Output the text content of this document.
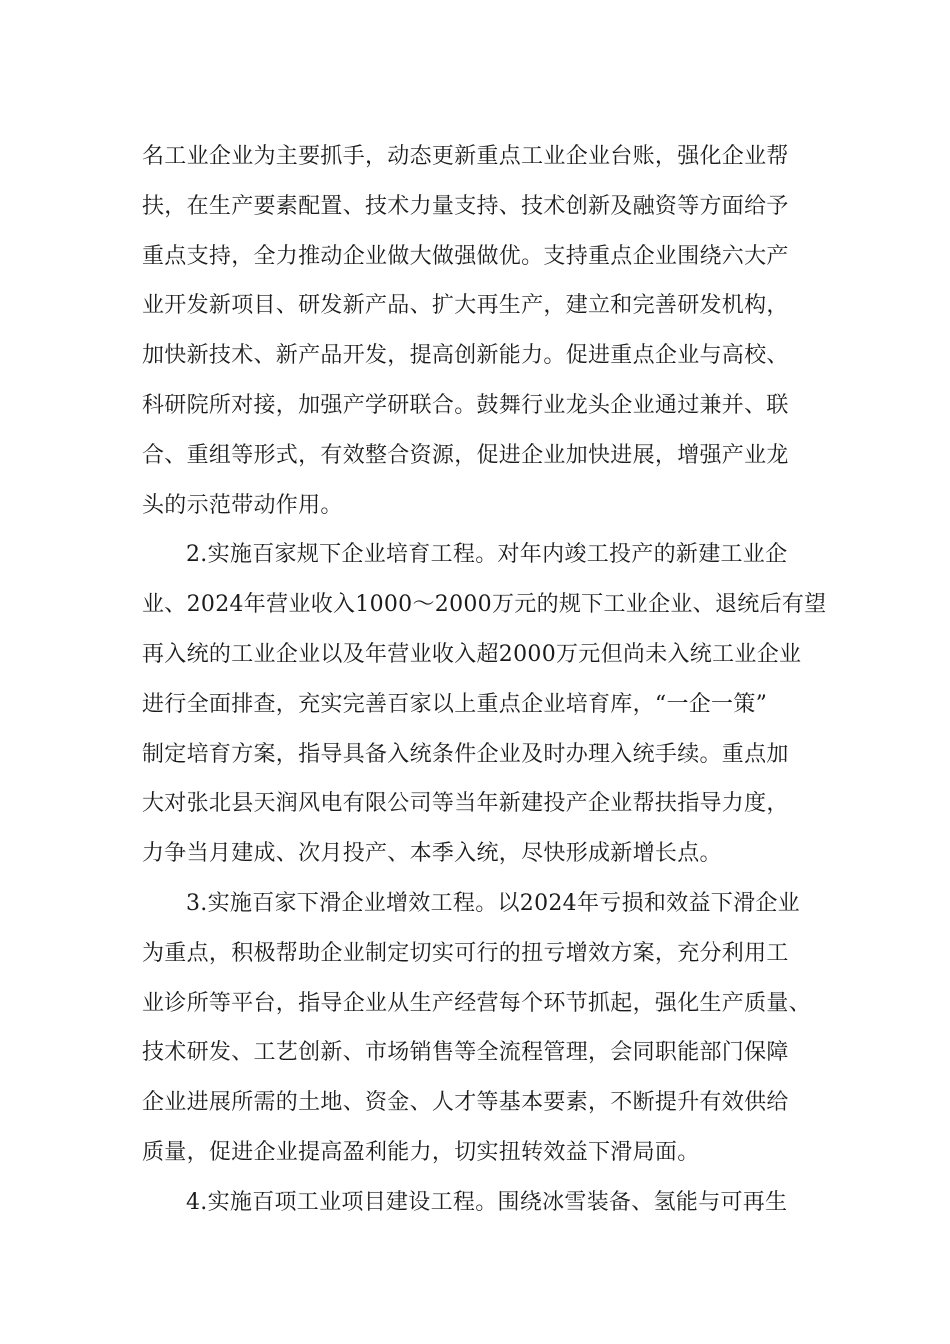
名工业企业为主要抓手，动态更新重点工业企业台账，强化企业帮
扶，在生产要素配置、技术力量支持、技术创新及融资等方面给予
重点支持，全力推动企业做大做强做优。支持重点企业围绕六大产
业开发新项目、研发新产品、扩大再生产，建立和完善研发机构，
加快新技术、新产品开发，提高创新能力。促进重点企业与高校、
科研院所对接，加强产学研联合。鼓舞行业龙头企业通过兼并、联
合、重组等形式，有效整合资源，促进企业加快进展，增强产业龙
头的示范带动作用。
2.实施百家规下企业培育工程。对年内竣工投产的新建工业企
业、2024年营业收入1000～2000万元的规下工业企业、退统后有望
再入统的工业企业以及年营业收入超2000万元但尚未入统工业企业
进行全面排查，充实完善百家以上重点企业培育库，“一企一策”
制定培育方案，指导具备入统条件企业及时办理入统手续。重点加
大对张北县天润风电有限公司等当年新建投产企业帮扶指导力度，
力争当月建成、次月投产、本季入统，尽快形成新增长点。
3.实施百家下滑企业增效工程。以2024年亏损和效益下滑企业
为重点，积极帮助企业制定切实可行的扭亏增效方案，充分利用工
业诊所等平台，指导企业从生产经营每个环节抓起，强化生产质量、
技术研发、工艺创新、市场销售等全流程管理，会同职能部门保障
企业进展所需的土地、资金、人才等基本要素，不断提升有效供给
质量，促进企业提高盈利能力，切实扭转效益下滑局面。
4.实施百项工业项目建设工程。围绕冰雪装备、氢能与可再生
